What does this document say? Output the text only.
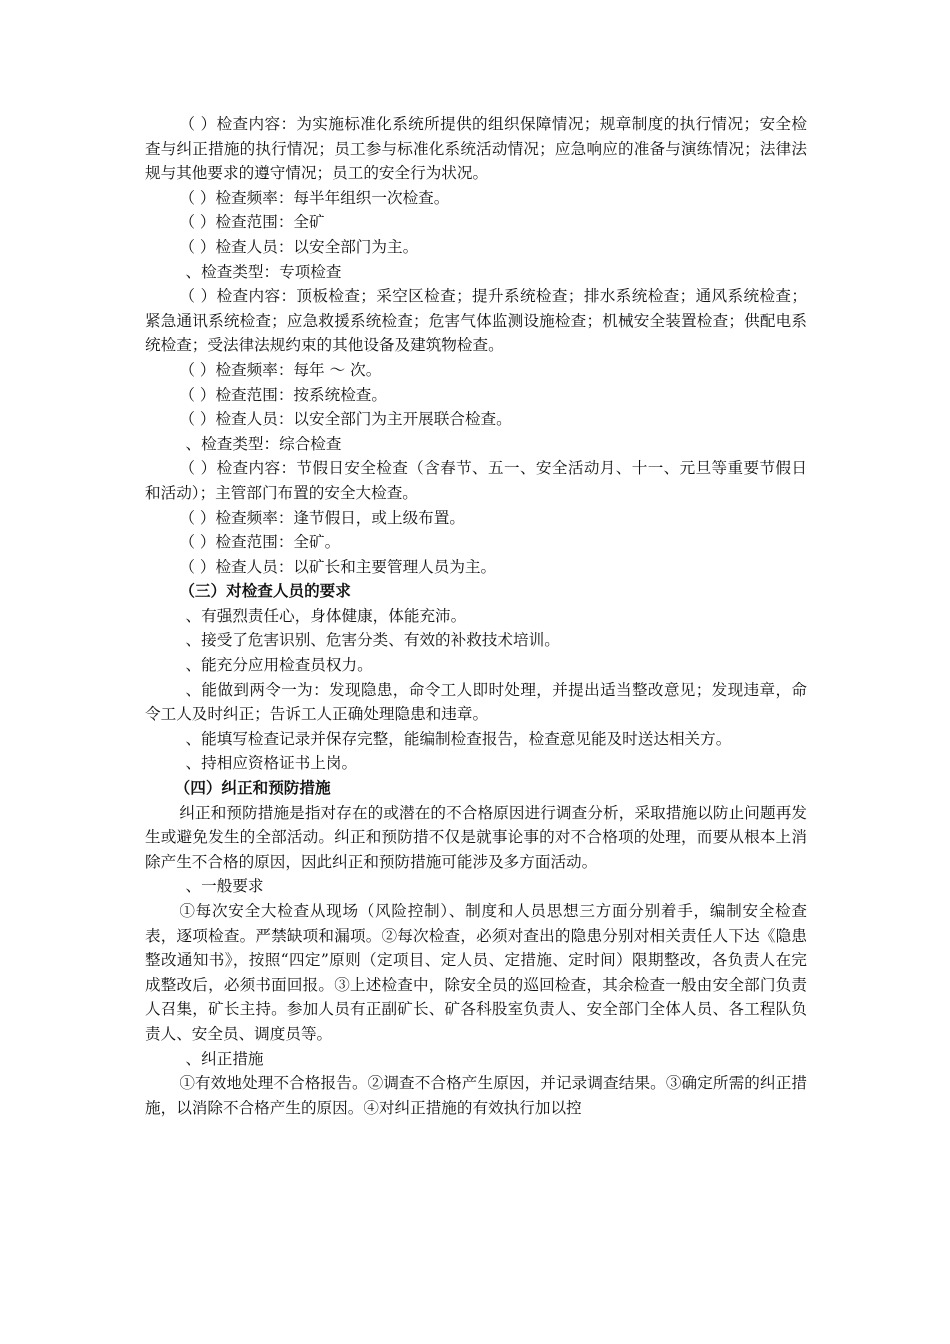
（ ）检查内容：为实施标准化系统所提供的组织保障情况；规章制度的执行情况；安全检查与纠正措施的执行情况；员工参与标准化系统活动情况；应急响应的准备与演练情况；法律法规与其他要求的遵守情况；员工的安全行为状况。

（ ）检查频率：每半年组织一次检查。

（ ）检查范围：全矿

（ ）检查人员：以安全部门为主。

、检查类型：专项检查

（ ）检查内容：顶板检查；采空区检查；提升系统检查；排水系统检查；通风系统检查；紧急通讯系统检查；应急救援系统检查；危害气体监测设施检查；机械安全装置检查；供配电系统检查；受法律法规约束的其他设备及建筑物检查。

（ ）检查频率：每年 ～ 次。

（ ）检查范围：按系统检查。

（ ）检查人员：以安全部门为主开展联合检查。

、检查类型：综合检查

（ ）检查内容：节假日安全检查（含春节、五一、安全活动月、十一、元旦等重要节假日和活动）；主管部门布置的安全大检查。

（ ）检查频率：逢节假日，或上级布置。

（ ）检查范围：全矿。

（ ）检查人员：以矿长和主要管理人员为主。

（三）对检查人员的要求

、有强烈责任心，身体健康，体能充沛。

、接受了危害识别、危害分类、有效的补救技术培训。

、能充分应用检查员权力。

、能做到两令一为：发现隐患，命令工人即时处理，并提出适当整改意见；发现违章，命令工人及时纠正；告诉工人正确处理隐患和违章。

、能填写检查记录并保存完整，能编制检查报告，检查意见能及时送达相关方。

、持相应资格证书上岗。

（四）纠正和预防措施

纠正和预防措施是指对存在的或潜在的不合格原因进行调查分析，采取措施以防止问题再发生或避免发生的全部活动。纠正和预防措不仅是就事论事的对不合格项的处理，而要从根本上消除产生不合格的原因，因此纠正和预防措施可能涉及多方面活动。

、一般要求

①每次安全大检查从现场（风险控制）、制度和人员思想三方面分别着手，编制安全检查表，逐项检查。严禁缺项和漏项。②每次检查，必须对查出的隐患分别对相关责任人下达《隐患整改通知书》，按照“四定”原则（定项目、定人员、定措施、定时间）限期整改，各负责人在完成整改后，必须书面回报。③上述检查中，除安全员的巡回检查，其余检查一般由安全部门负责人召集，矿长主持。参加人员有正副矿长、矿各科股室负责人、安全部门全体人员、各工程队负责人、安全员、调度员等。

、纠正措施

①有效地处理不合格报告。②调查不合格产生原因，并记录调查结果。③确定所需的纠正措施，以消除不合格产生的原因。④对纠正措施的有效执行加以控
